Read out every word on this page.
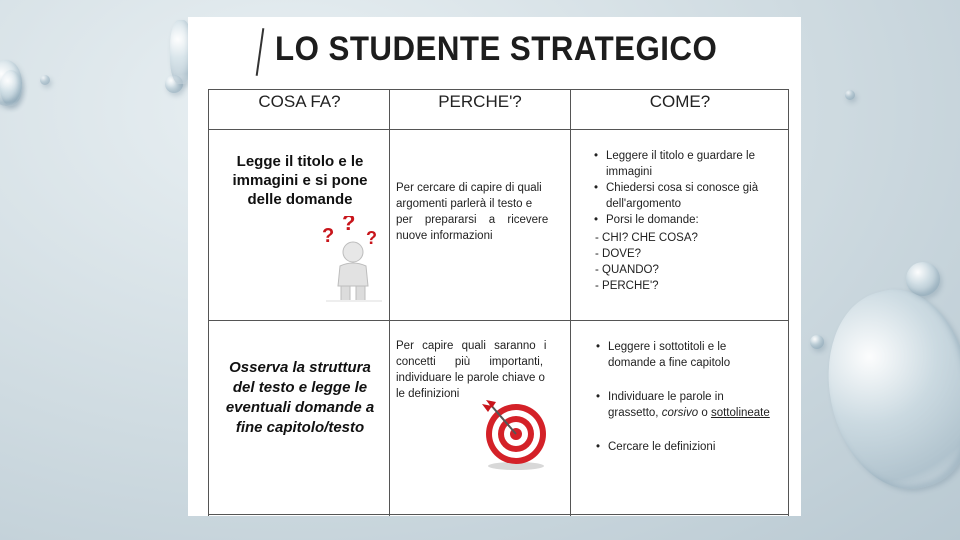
LO STUDENTE STRATEGICO
COSA FA?	PERCHE'?	COME?
Legge il titolo e le
immagini e si pone
delle domande
?
?
?
Per cercare di capire di quali
argomenti parlerà il testo e
per prepararsi a ricevere
nuove informazioni
• Leggere il titolo e guardare le
immagini
• Chiedersi cosa si conosce già
dell'argomento
• Porsi le domande:
- CHI? CHE COSA?
- DOVE?
- QUANDO?
- PERCHE'?
Osserva la struttura
del testo e legge le
eventuali domande a
fine capitolo/testo
Per capire quali saranno i
concetti più importanti,
individuare le parole chiave o
le definizioni
• Leggere i sottotitoli e le
domande a fine capitolo
• Individuare le parole in
grassetto, corsivo o sottolineate
• Cercare le definizioni
